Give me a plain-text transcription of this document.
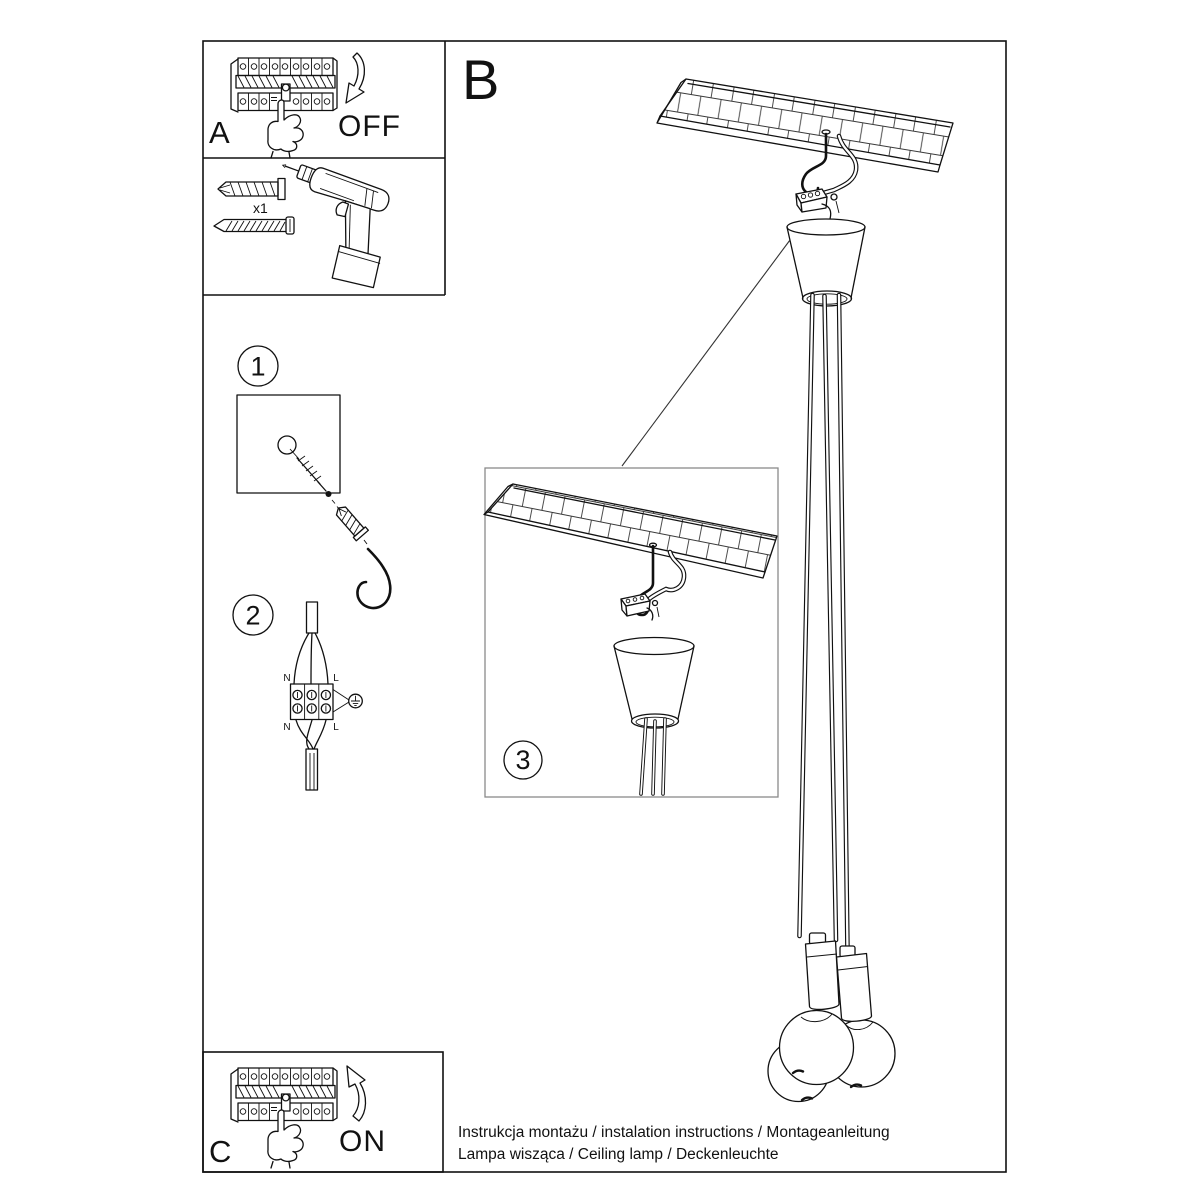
A	OFF
x1
1
2
N	L
N	L
B
3
C	ON	Instrukcja montażu / instalation instructions / Montageanleitung
Lampa wisząca / Ceiling lamp / Deckenleuchte
